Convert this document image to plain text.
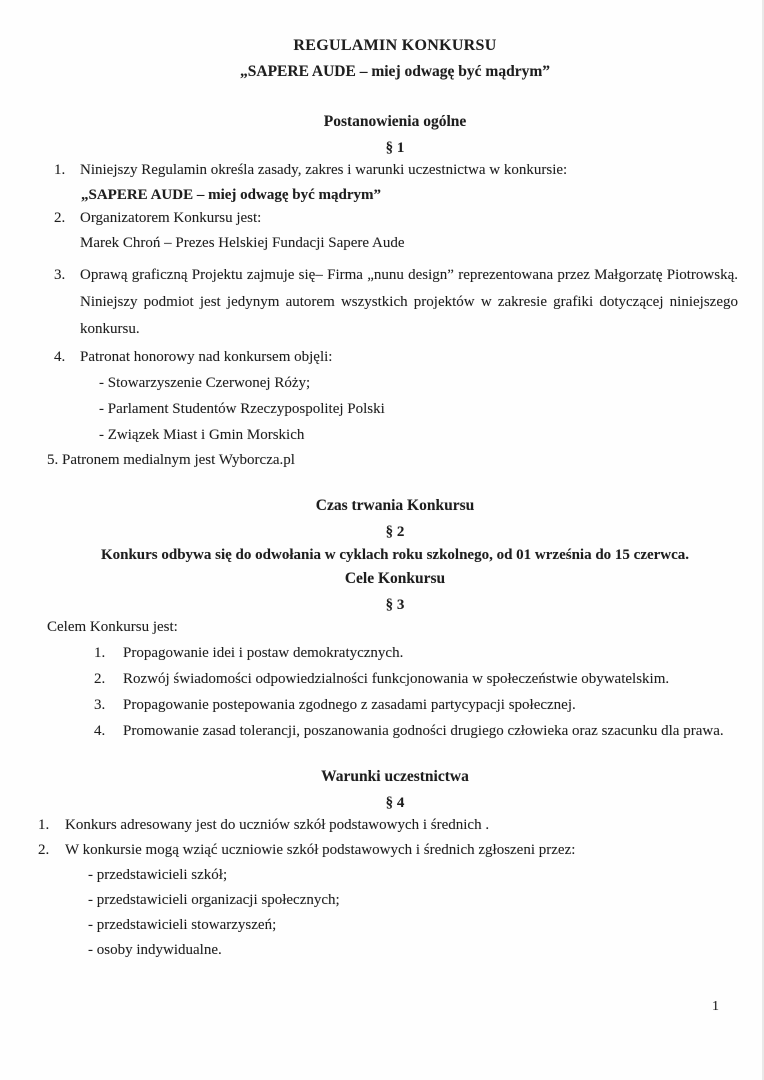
REGULAMIN KONKURSU
„SAPERE AUDE – miej odwagę być mądrym”
Postanowienia ogólne
§ 1
1. Niniejszy Regulamin określa zasady, zakres i warunki uczestnictwa w konkursie:
„SAPERE AUDE – miej odwagę być mądrym”
2. Organizatorem Konkursu jest:
Marek Chroń – Prezes Helskiej Fundacji Sapere Aude
3. Oprawą graficzną Projektu zajmuje się– Firma „nunu design” reprezentowana przez Małgorzatę Piotrowską. Niniejszy podmiot jest jedynym autorem wszystkich projektów w zakresie grafiki dotyczącej niniejszego konkursu.
4. Patronat honorowy nad konkursem objęli:
- Stowarzyszenie Czerwonej Róży;
- Parlament Studentów Rzeczypospolitej Polski
- Związek Miast i Gmin Morskich
5. Patronem medialnym jest Wyborcza.pl
Czas trwania Konkursu
§ 2
Konkurs odbywa się do odwołania w cyklach roku szkolnego, od 01 września do 15 czerwca.
Cele Konkursu
§ 3
Celem Konkursu jest:
1.	Propagowanie idei i postaw demokratycznych.
2.	Rozwój świadomości odpowiedzialności funkcjonowania w społeczeństwie obywatelskim.
3.	Propagowanie postepowania zgodnego z zasadami partycypacji społecznej.
4.	Promowanie zasad tolerancji, poszanowania godności drugiego człowieka oraz szacunku dla prawa.
Warunki uczestnictwa
§ 4
1.	Konkurs adresowany jest do uczniów szkół podstawowych i średnich .
2.	W konkursie mogą wziąć uczniowie szkół podstawowych i średnich zgłoszeni przez:
- przedstawicieli szkół;
- przedstawicieli organizacji społecznych;
- przedstawicieli stowarzyszeń;
- osoby indywidualne.
1
